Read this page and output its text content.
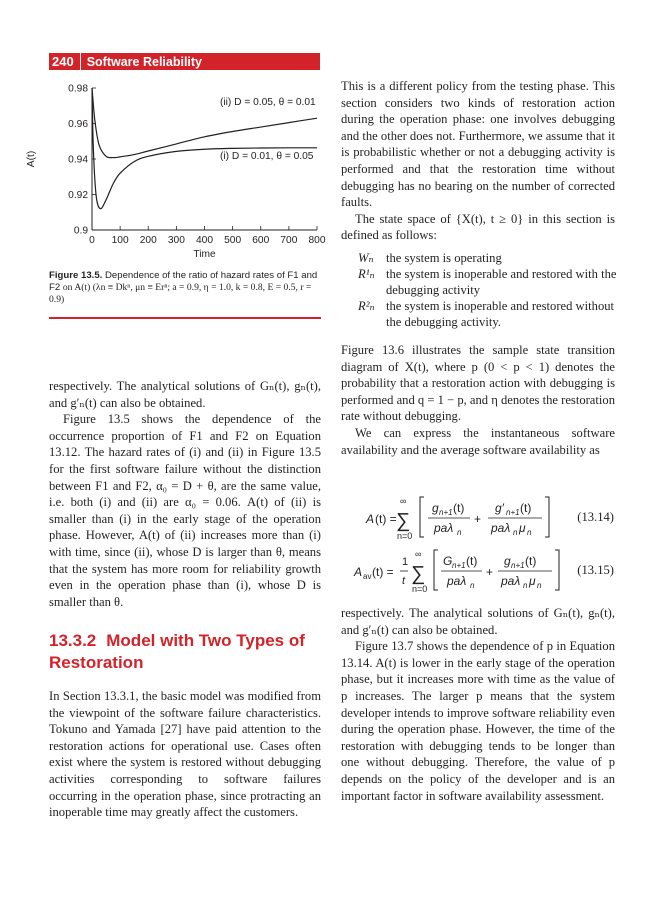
240	Software Reliability
0 100 200 300 400 500 600 700 800
0.9
0.92
0.94
0.96
0.98
Time
A(t)
(ii) D = 0.05, θ = 0.01
(i) D = 0.01, θ = 0.05
Figure 13.5. Dependence of the ratio of hazard rates of F1 and F2 on A(t) (λn ≡ Dkⁿ, μn ≡ Erⁿ; a = 0.9, η = 1.0, k = 0.8, E = 0.5, r = 0.9)

respectively. The analytical solutions of Gₙ(t), gₙ(t), and g′ₙ(t) can also be obtained.

Figure 13.5 shows the dependence of the occurrence proportion of F1 and F2 on Equation 13.12. The hazard rates of (i) and (ii) in Figure 13.5 for the first software failure without the distinction between F1 and F2, α₀ = D + θ, are the same value, i.e. both (i) and (ii) are α₀ = 0.06. A(t) of (ii) is smaller than (i) in the early stage of the operation phase. However, A(t) of (ii) increases more than (i) with time, since (ii), whose D is larger than θ, means that the system has more room for reliability growth even in the operation phase than (i), whose D is smaller than θ.

13.3.2 Model with Two Types of Restoration

In Section 13.3.1, the basic model was modified from the viewpoint of the software failure characteristics. Tokuno and Yamada [27] have paid attention to the restoration actions for operational use. Cases often exist where the system is restored without debugging activities corresponding to software failures occurring in the operation phase, since protracting an inoperable time may greatly affect the customers.

This is a different policy from the testing phase. This section considers two kinds of restoration action during the operation phase: one involves debugging and the other does not. Furthermore, we assume that it is probabilistic whether or not a debugging activity is performed and that the restoration time without debugging has no bearing on the number of corrected faults.

The state space of {X(t), t ≥ 0} in this section is defined as follows:

Wₙ the system is operating
R¹ₙ the system is inoperable and restored with the debugging activity
R²ₙ the system is inoperable and restored without the debugging activity.

Figure 13.6 illustrates the sample state transition diagram of X(t), where p (0 < p < 1) denotes the probability that a restoration action with debugging is performed and q = 1 − p, and η denotes the restoration rate without debugging.

We can express the instantaneous software availability and the average software availability as

A (t) =
∞
∑
n=0
g n+1 (t)
paλ n
+
g′ n+1 (t)
paλ n μ n
(13.14)
A av (t) =
1
t
∞
∑
n=0
G n+1 (t)
paλ n
+
g n+1 (t)
paλ n μ n
(13.15)

respectively. The analytical solutions of Gₙ(t), gₙ(t), and g′ₙ(t) can also be obtained.

Figure 13.7 shows the dependence of p in Equation 13.14. A(t) is lower in the early stage of the operation phase, but it increases more with time as the value of p increases. The larger p means that the system developer intends to improve software reliability even during the operation phase. However, the time of the restoration with debugging tends to be longer than one without debugging. Therefore, the value of p depends on the policy of the developer and is an important factor in software availability assessment.
